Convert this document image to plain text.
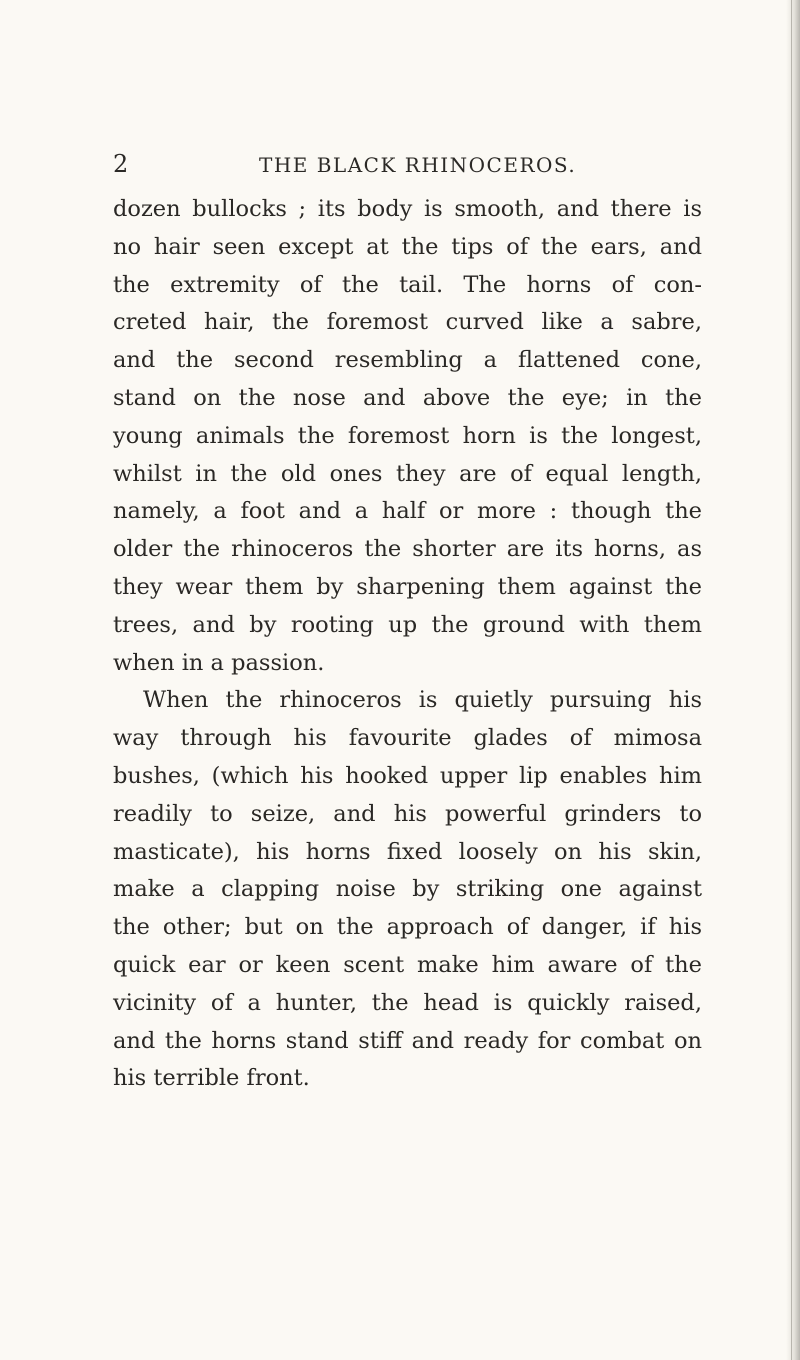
2	THE BLACK RHINOCEROS.
dozen bullocks ; its body is smooth, and there is
no hair seen except at the tips of the ears, and
the extremity of the tail. The horns of con-
creted hair, the foremost curved like a sabre,
and the second resembling a flattened cone,
stand on the nose and above the eye; in the
young animals the foremost horn is the longest,
whilst in the old ones they are of equal length,
namely, a foot and a half or more : though the
older the rhinoceros the shorter are its horns, as
they wear them by sharpening them against the
trees, and by rooting up the ground with them
when in a passion.
When the rhinoceros is quietly pursuing his
way through his favourite glades of mimosa
bushes, (which his hooked upper lip enables him
readily to seize, and his powerful grinders to
masticate), his horns fixed loosely on his skin,
make a clapping noise by striking one against
the other; but on the approach of danger, if his
quick ear or keen scent make him aware of the
vicinity of a hunter, the head is quickly raised,
and the horns stand stiff and ready for combat on
his terrible front.
